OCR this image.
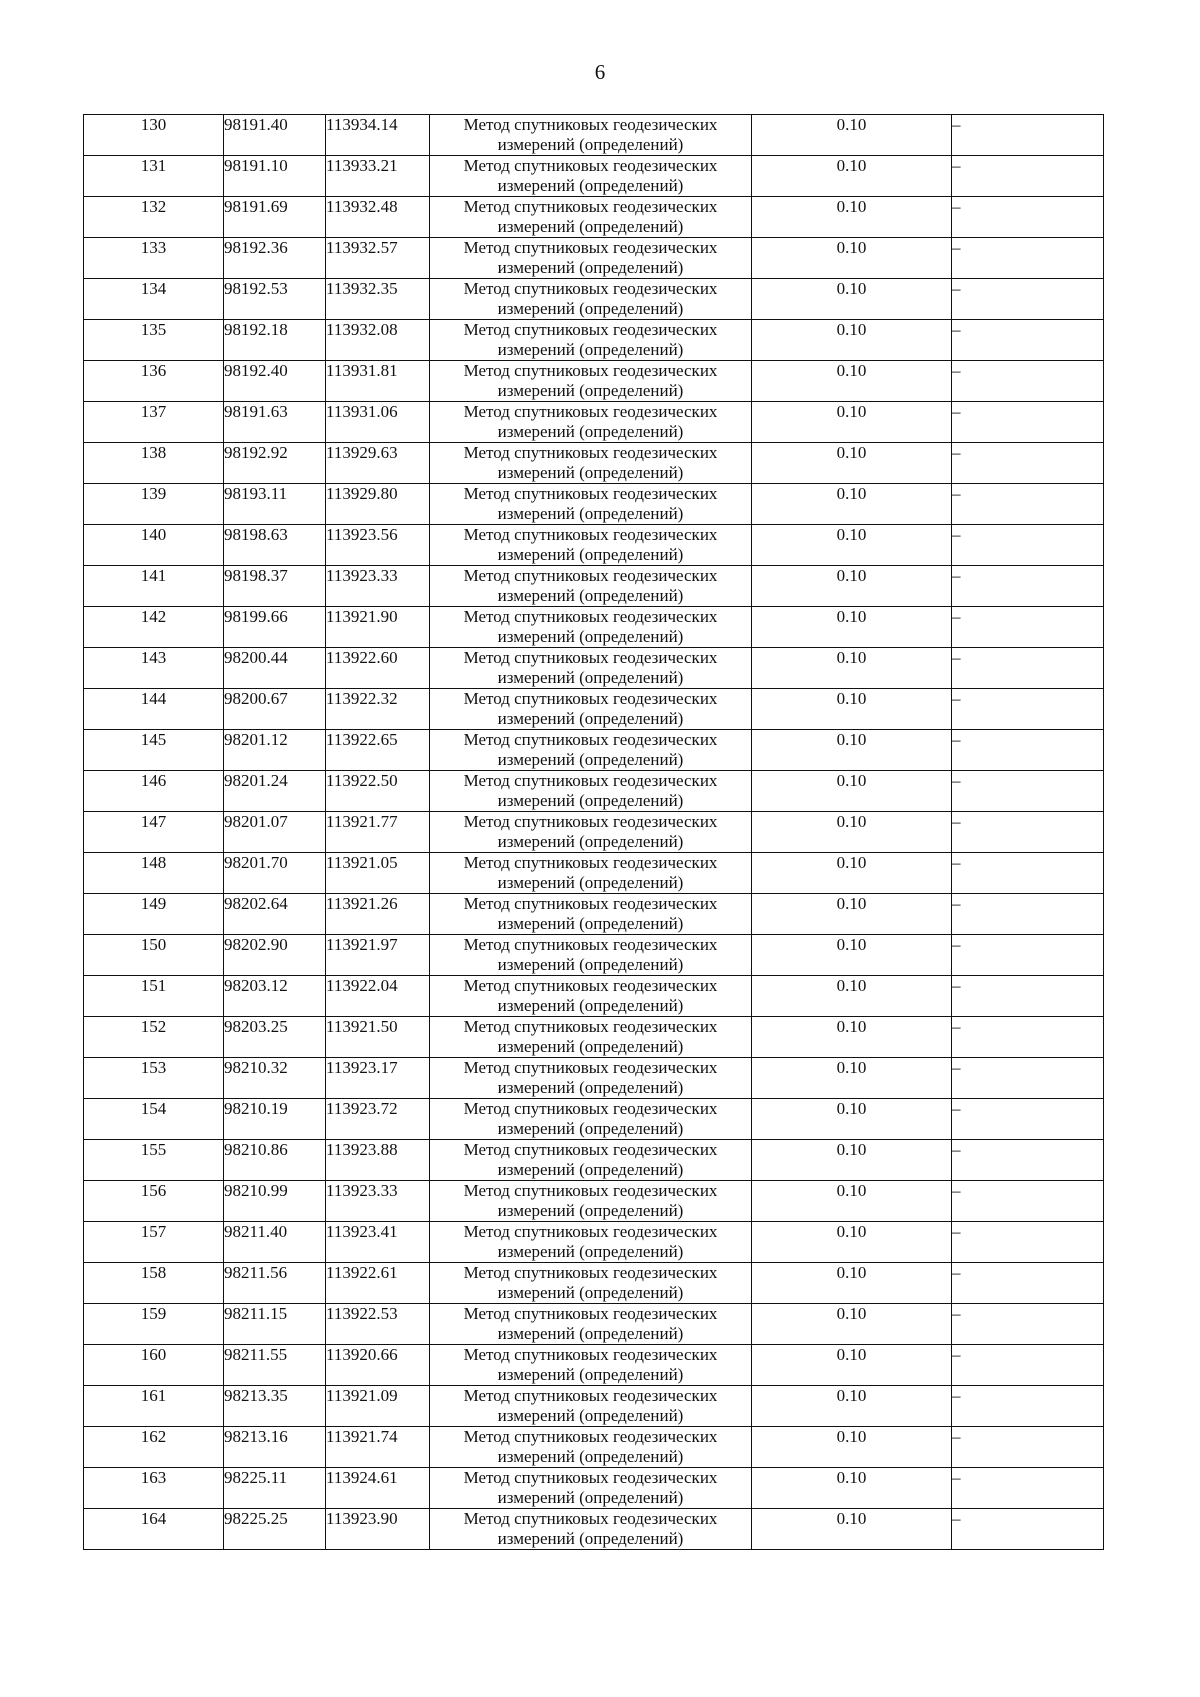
6
130	98191.40	113934.14	Метод спутниковых геодезических
измерений (определений)	0.10	–
131	98191.10	113933.21	Метод спутниковых геодезических
измерений (определений)	0.10	–
132	98191.69	113932.48	Метод спутниковых геодезических
измерений (определений)	0.10	–
133	98192.36	113932.57	Метод спутниковых геодезических
измерений (определений)	0.10	–
134	98192.53	113932.35	Метод спутниковых геодезических
измерений (определений)	0.10	–
135	98192.18	113932.08	Метод спутниковых геодезических
измерений (определений)	0.10	–
136	98192.40	113931.81	Метод спутниковых геодезических
измерений (определений)	0.10	–
137	98191.63	113931.06	Метод спутниковых геодезических
измерений (определений)	0.10	–
138	98192.92	113929.63	Метод спутниковых геодезических
измерений (определений)	0.10	–
139	98193.11	113929.80	Метод спутниковых геодезических
измерений (определений)	0.10	–
140	98198.63	113923.56	Метод спутниковых геодезических
измерений (определений)	0.10	–
141	98198.37	113923.33	Метод спутниковых геодезических
измерений (определений)	0.10	–
142	98199.66	113921.90	Метод спутниковых геодезических
измерений (определений)	0.10	–
143	98200.44	113922.60	Метод спутниковых геодезических
измерений (определений)	0.10	–
144	98200.67	113922.32	Метод спутниковых геодезических
измерений (определений)	0.10	–
145	98201.12	113922.65	Метод спутниковых геодезических
измерений (определений)	0.10	–
146	98201.24	113922.50	Метод спутниковых геодезических
измерений (определений)	0.10	–
147	98201.07	113921.77	Метод спутниковых геодезических
измерений (определений)	0.10	–
148	98201.70	113921.05	Метод спутниковых геодезических
измерений (определений)	0.10	–
149	98202.64	113921.26	Метод спутниковых геодезических
измерений (определений)	0.10	–
150	98202.90	113921.97	Метод спутниковых геодезических
измерений (определений)	0.10	–
151	98203.12	113922.04	Метод спутниковых геодезических
измерений (определений)	0.10	–
152	98203.25	113921.50	Метод спутниковых геодезических
измерений (определений)	0.10	–
153	98210.32	113923.17	Метод спутниковых геодезических
измерений (определений)	0.10	–
154	98210.19	113923.72	Метод спутниковых геодезических
измерений (определений)	0.10	–
155	98210.86	113923.88	Метод спутниковых геодезических
измерений (определений)	0.10	–
156	98210.99	113923.33	Метод спутниковых геодезических
измерений (определений)	0.10	–
157	98211.40	113923.41	Метод спутниковых геодезических
измерений (определений)	0.10	–
158	98211.56	113922.61	Метод спутниковых геодезических
измерений (определений)	0.10	–
159	98211.15	113922.53	Метод спутниковых геодезических
измерений (определений)	0.10	–
160	98211.55	113920.66	Метод спутниковых геодезических
измерений (определений)	0.10	–
161	98213.35	113921.09	Метод спутниковых геодезических
измерений (определений)	0.10	–
162	98213.16	113921.74	Метод спутниковых геодезических
измерений (определений)	0.10	–
163	98225.11	113924.61	Метод спутниковых геодезических
измерений (определений)	0.10	–
164	98225.25	113923.90	Метод спутниковых геодезических
измерений (определений)	0.10	–
